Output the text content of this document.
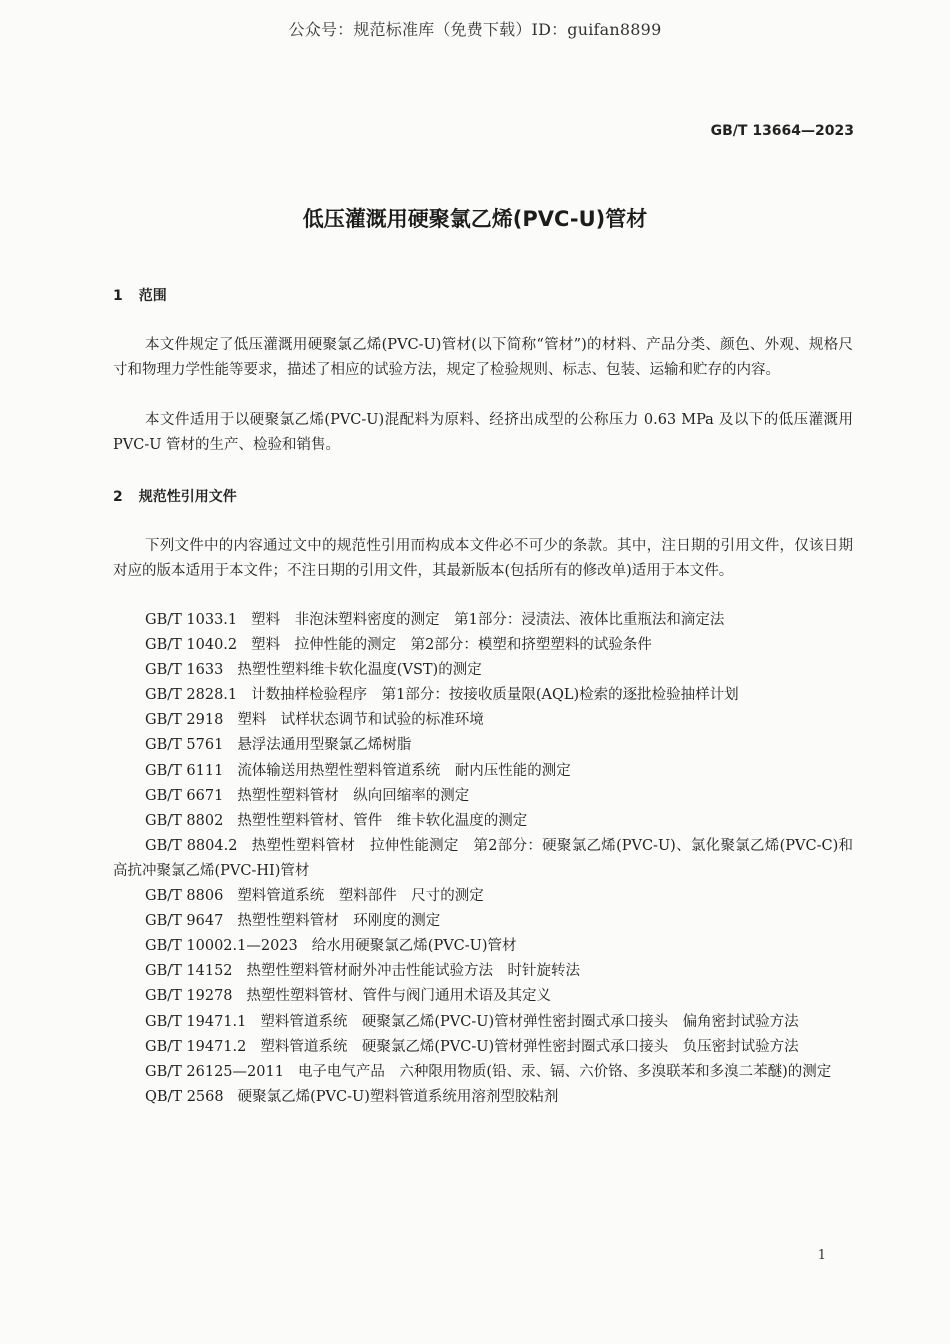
公众号：规范标准库（免费下载）ID：guifan8899
GB/T 13664—2023
低压灌溉用硬聚氯乙烯(PVC-U)管材
1 范围

本文件规定了低压灌溉用硬聚氯乙烯(PVC-U)管材(以下简称“管材”)的材料、产品分类、颜色、外观、规格尺寸和物理力学性能等要求，描述了相应的试验方法，规定了检验规则、标志、包装、运输和贮存的内容。

本文件适用于以硬聚氯乙烯(PVC-U)混配料为原料、经挤出成型的公称压力 0.63 MPa 及以下的低压灌溉用 PVC-U 管材的生产、检验和销售。

2 规范性引用文件

下列文件中的内容通过文中的规范性引用而构成本文件必不可少的条款。其中，注日期的引用文件，仅该日期对应的版本适用于本文件；不注日期的引用文件，其最新版本(包括所有的修改单)适用于本文件。

GB/T 1033.1 塑料　非泡沫塑料密度的测定　第1部分：浸渍法、液体比重瓶法和滴定法
GB/T 1040.2 塑料　拉伸性能的测定　第2部分：模塑和挤塑塑料的试验条件
GB/T 1633 热塑性塑料维卡软化温度(VST)的测定
GB/T 2828.1 计数抽样检验程序　第1部分：按接收质量限(AQL)检索的逐批检验抽样计划
GB/T 2918 塑料　试样状态调节和试验的标准环境
GB/T 5761 悬浮法通用型聚氯乙烯树脂
GB/T 6111 流体输送用热塑性塑料管道系统　耐内压性能的测定
GB/T 6671 热塑性塑料管材　纵向回缩率的测定
GB/T 8802 热塑性塑料管材、管件　维卡软化温度的测定
GB/T 8804.2 热塑性塑料管材　拉伸性能测定　第2部分：硬聚氯乙烯(PVC-U)、氯化聚氯乙烯(PVC-C)和高抗冲聚氯乙烯(PVC-HI)管材
GB/T 8806 塑料管道系统　塑料部件　尺寸的测定
GB/T 9647 热塑性塑料管材　环刚度的测定
GB/T 10002.1—2023 给水用硬聚氯乙烯(PVC-U)管材
GB/T 14152 热塑性塑料管材耐外冲击性能试验方法　时针旋转法
GB/T 19278 热塑性塑料管材、管件与阀门通用术语及其定义
GB/T 19471.1 塑料管道系统　硬聚氯乙烯(PVC-U)管材弹性密封圈式承口接头　偏角密封试验方法
GB/T 19471.2 塑料管道系统　硬聚氯乙烯(PVC-U)管材弹性密封圈式承口接头　负压密封试验方法
GB/T 26125—2011 电子电气产品　六种限用物质(铅、汞、镉、六价铬、多溴联苯和多溴二苯醚)的测定
QB/T 2568 硬聚氯乙烯(PVC-U)塑料管道系统用溶剂型胶粘剂
1
